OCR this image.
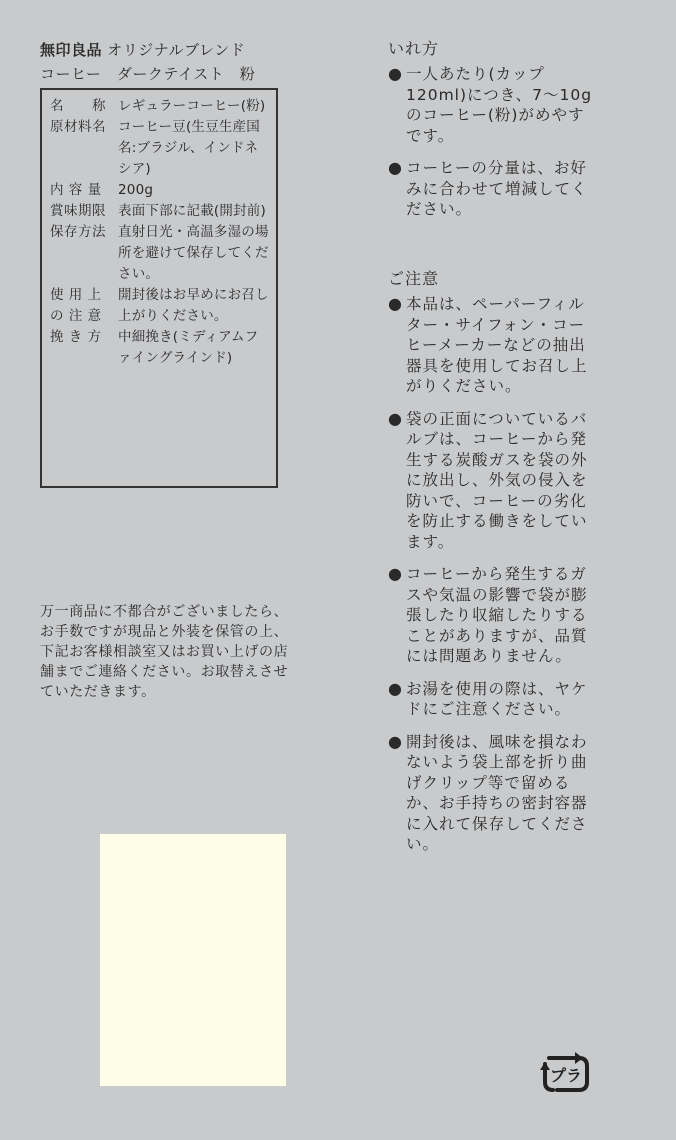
無印良品 オリジナルブレンド
コーヒー　ダークテイスト　粉
名　　称 レギュラーコーヒー(粉)
原材料名 コーヒー豆(生豆生産国名:ブラジル、インドネシア)
内 容 量	200g
賞味期限 表面下部に記載(開封前)
保存方法 直射日光・高温多湿の場所を避けて保存してください。
使 用 上
の 注 意
開封後はお早めにお召し上がりください。
挽 き 方	中細挽き(ミディアムファイングラインド)
万一商品に不都合がございましたら、お手数ですが現品と外装を保管の上、下記お客様相談室又はお買い上げの店舗までご連絡ください。お取替えさせていただきます。
いれ方
● 一人あたり(カップ120ml)につき、7〜10gのコーヒー(粉)がめやすです。
● コーヒーの分量は、お好みに合わせて増減してください。
ご注意
● 本品は、ペーパーフィルター・サイフォン・コーヒーメーカーなどの抽出器具を使用してお召し上がりください。
● 袋の正面についているバルブは、コーヒーから発生する炭酸ガスを袋の外に放出し、外気の侵入を防いで、コーヒーの劣化を防止する働きをしています。
● コーヒーから発生するガスや気温の影響で袋が膨張したり収縮したりすることがありますが、品質には問題ありません。
● お湯を使用の際は、ヤケドにご注意ください。
● 開封後は、風味を損なわないよう袋上部を折り曲げクリップ等で留めるか、お手持ちの密封容器に入れて保存してください。
プラ
